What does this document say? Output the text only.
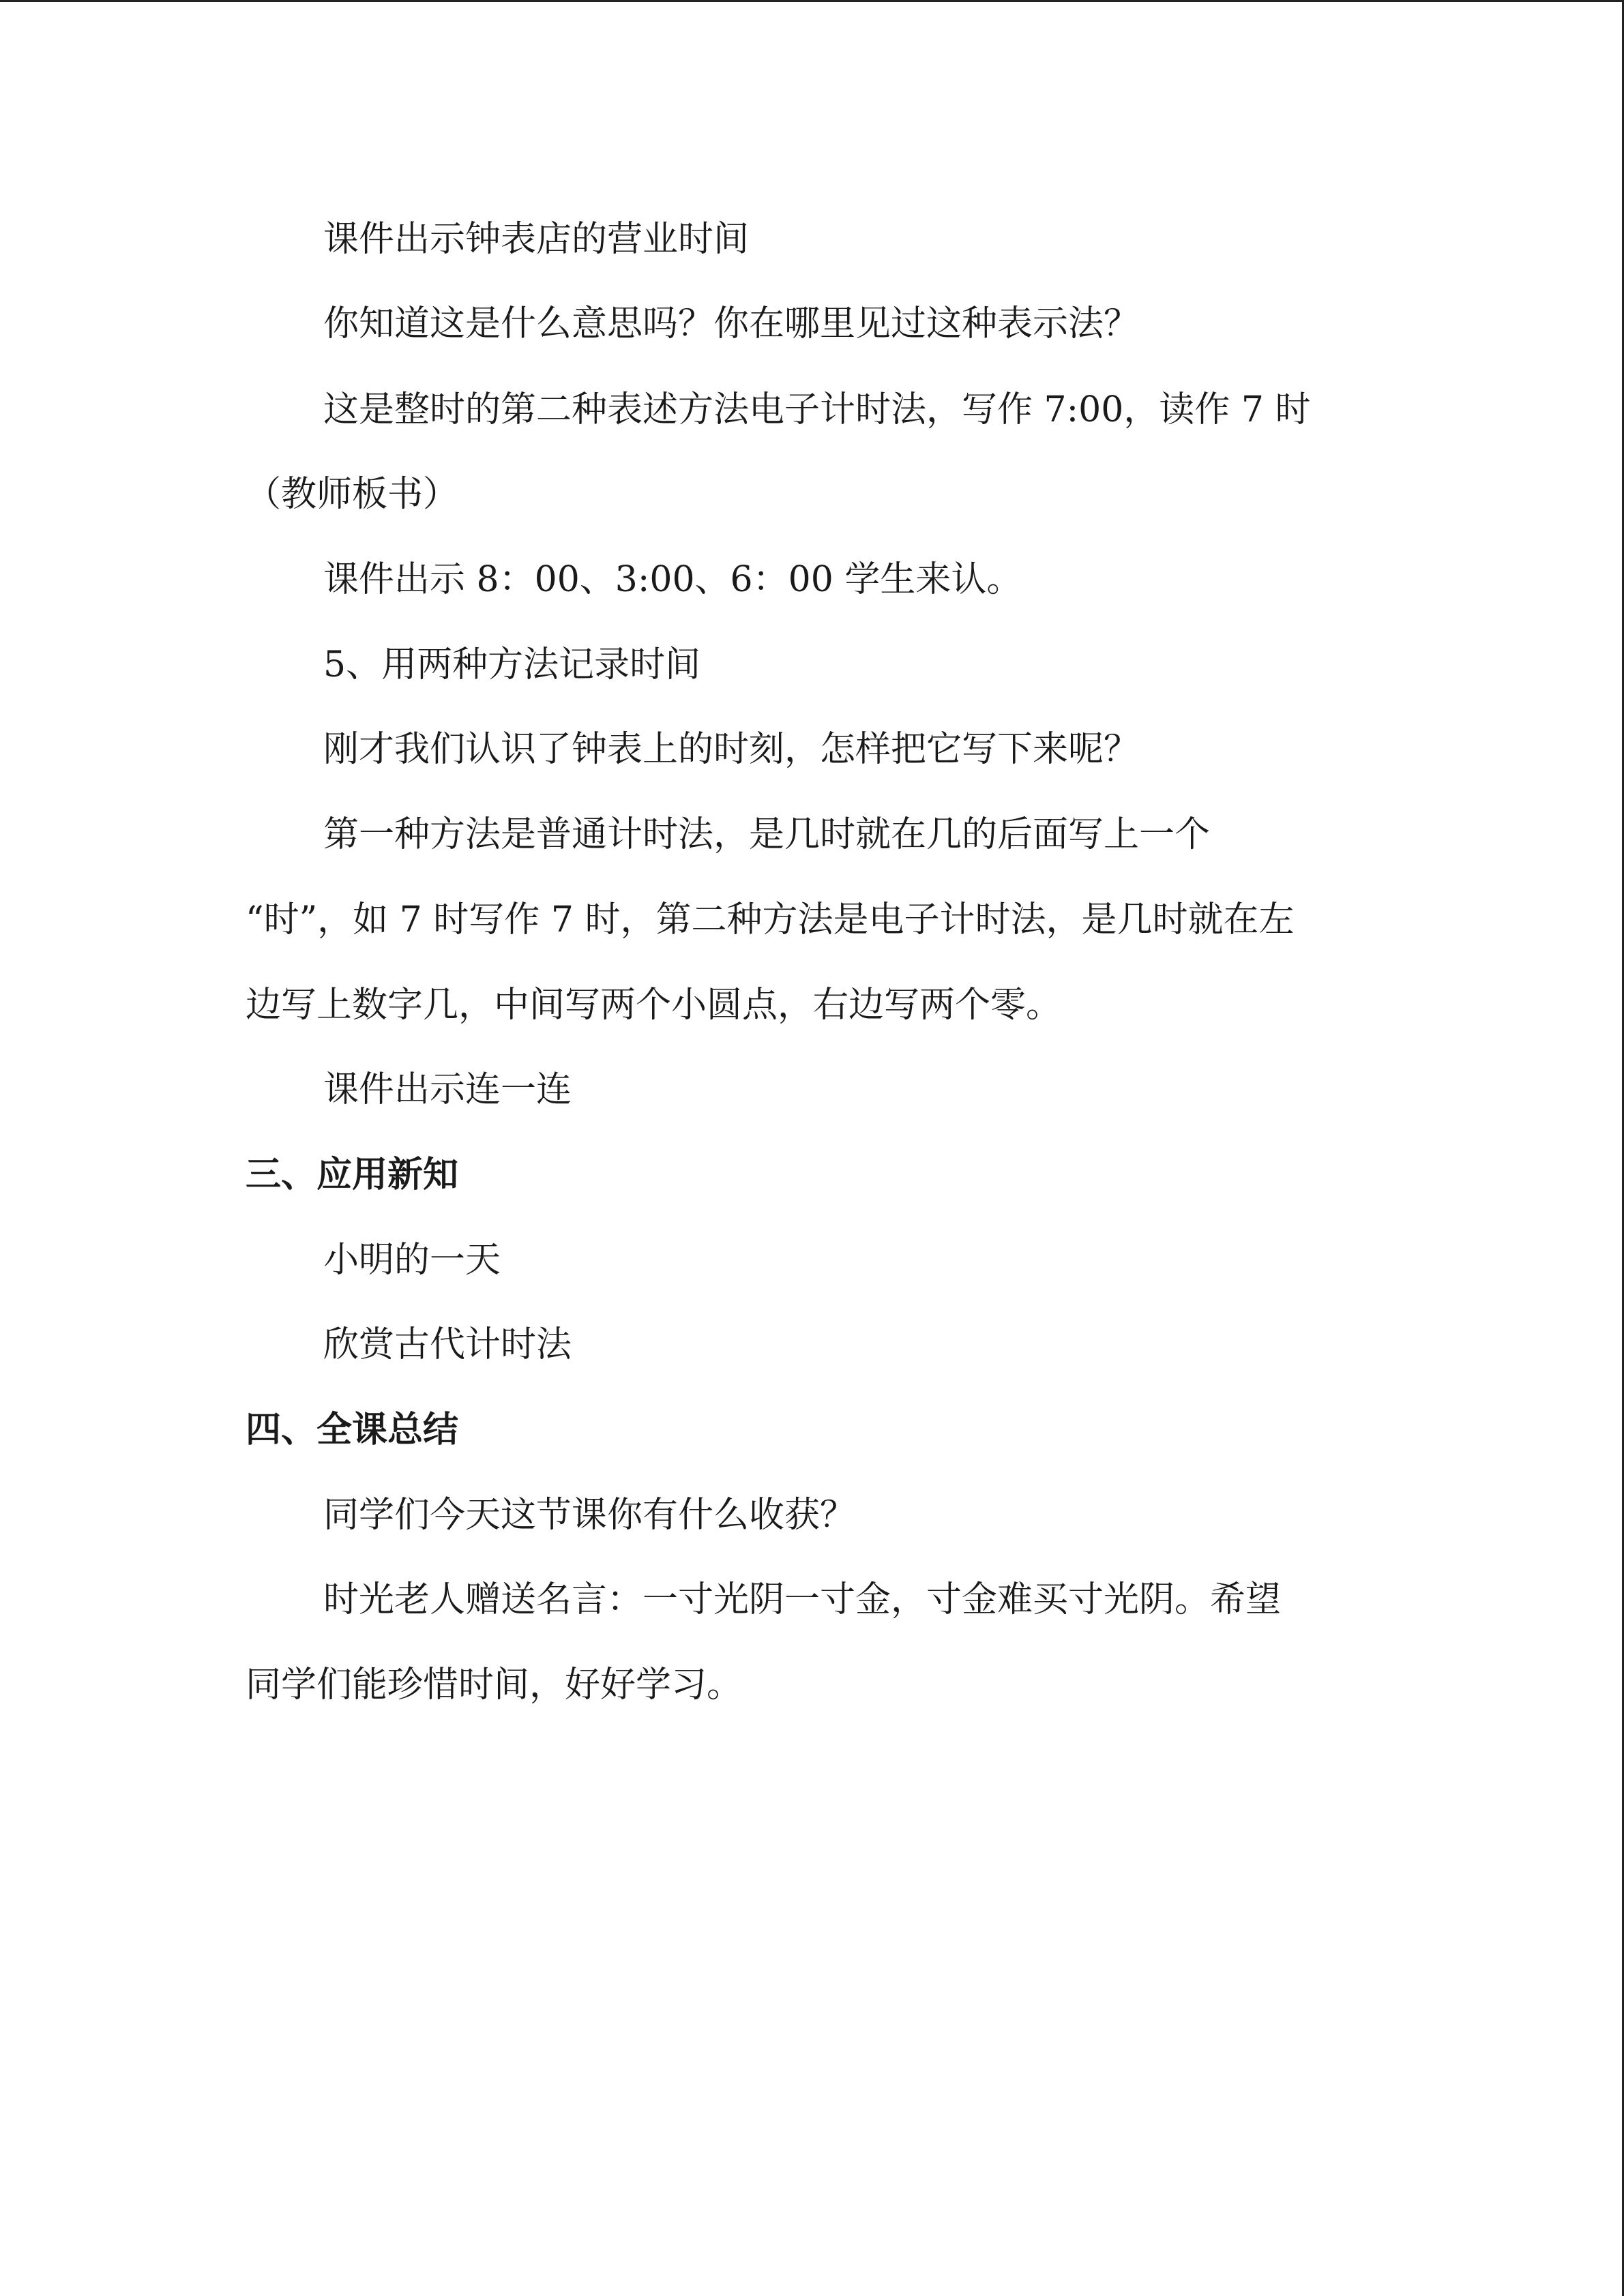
课件出示钟表店的营业时间
你知道这是什么意思吗？你在哪里见过这种表示法？
这是整时的第二种表述方法电子计时法，写作 7:00，读作 7 时
（教师板书）
课件出示 8：00、3:00、6：00 学生来认。
5、用两种方法记录时间
刚才我们认识了钟表上的时刻，怎样把它写下来呢？
第一种方法是普通计时法，是几时就在几的后面写上一个
“时”，如 7 时写作 7 时，第二种方法是电子计时法，是几时就在左
边写上数字几，中间写两个小圆点，右边写两个零。
课件出示连一连
三、应用新知
小明的一天
欣赏古代计时法
四、全课总结
同学们今天这节课你有什么收获？
时光老人赠送名言：一寸光阴一寸金，寸金难买寸光阴。希望
同学们能珍惜时间，好好学习。
